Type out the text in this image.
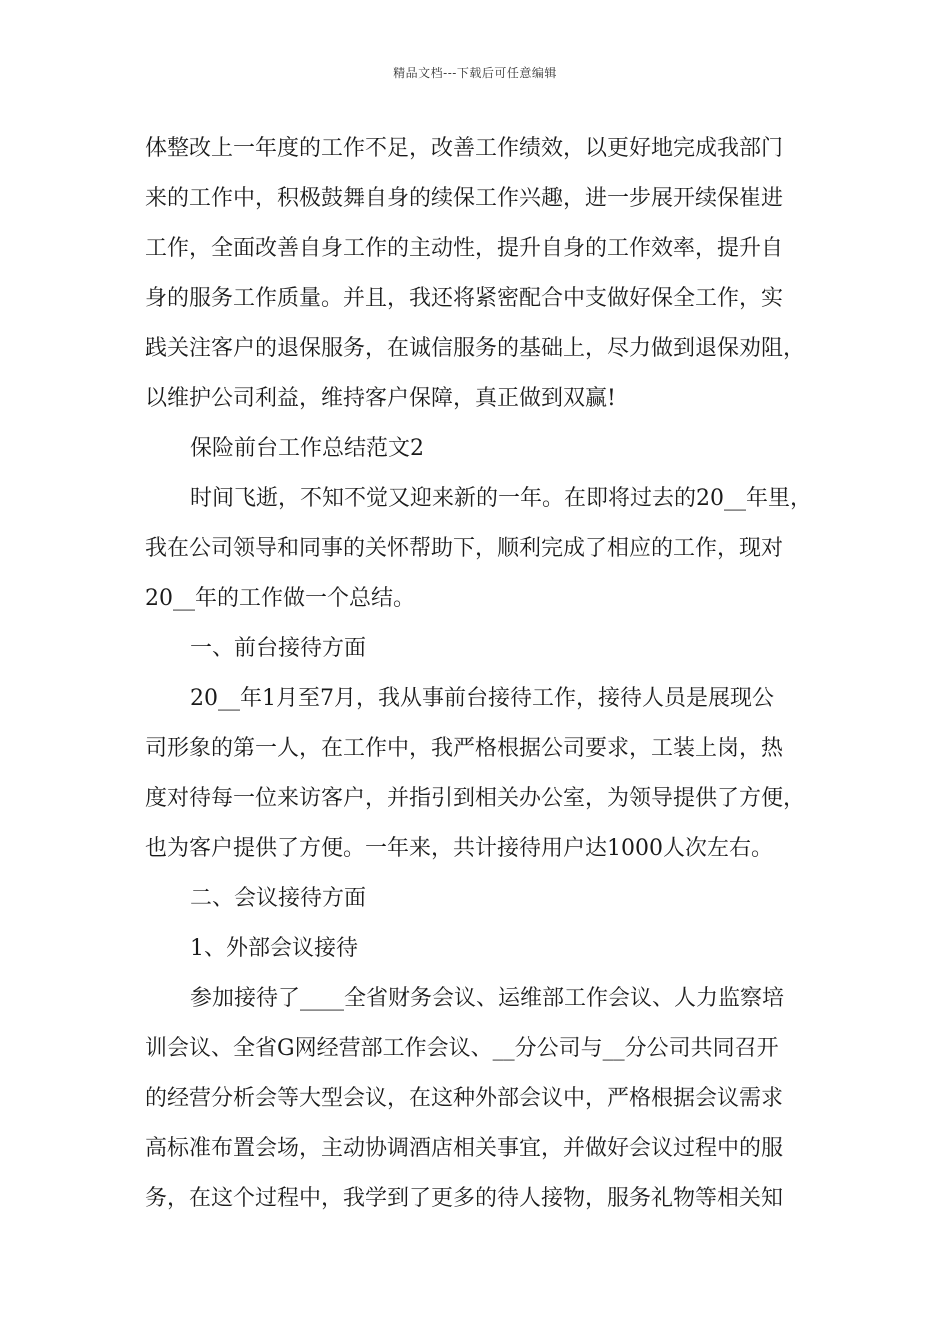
精品文档---下载后可任意编辑
体整改上一年度的工作不足，改善工作绩效，以更好地完成我部门
来的工作中，积极鼓舞自身的续保工作兴趣，进一步展开续保崔进
工作，全面改善自身工作的主动性，提升自身的工作效率，提升自
身的服务工作质量。并且，我还将紧密配合中支做好保全工作，实
践关注客户的退保服务，在诚信服务的基础上，尽力做到退保劝阻，
以维护公司利益，维持客户保障，真正做到双赢!
保险前台工作总结范文2
时间飞逝，不知不觉又迎来新的一年。在即将过去的20__年里，
我在公司领导和同事的关怀帮助下，顺利完成了相应的工作，现对
20__年的工作做一个总结。
一、前台接待方面
20__年1月至7月，我从事前台接待工作，接待人员是展现公
司形象的第一人，在工作中，我严格根据公司要求，工装上岗，热
度对待每一位来访客户，并指引到相关办公室，为领导提供了方便，
也为客户提供了方便。一年来，共计接待用户达1000人次左右。
二、会议接待方面
1、外部会议接待
参加接待了____全省财务会议、运维部工作会议、人力监察培
训会议、全省G网经营部工作会议、__分公司与__分公司共同召开
的经营分析会等大型会议，在这种外部会议中，严格根据会议需求
高标准布置会场，主动协调酒店相关事宜，并做好会议过程中的服
务，在这个过程中，我学到了更多的待人接物，服务礼物等相关知
